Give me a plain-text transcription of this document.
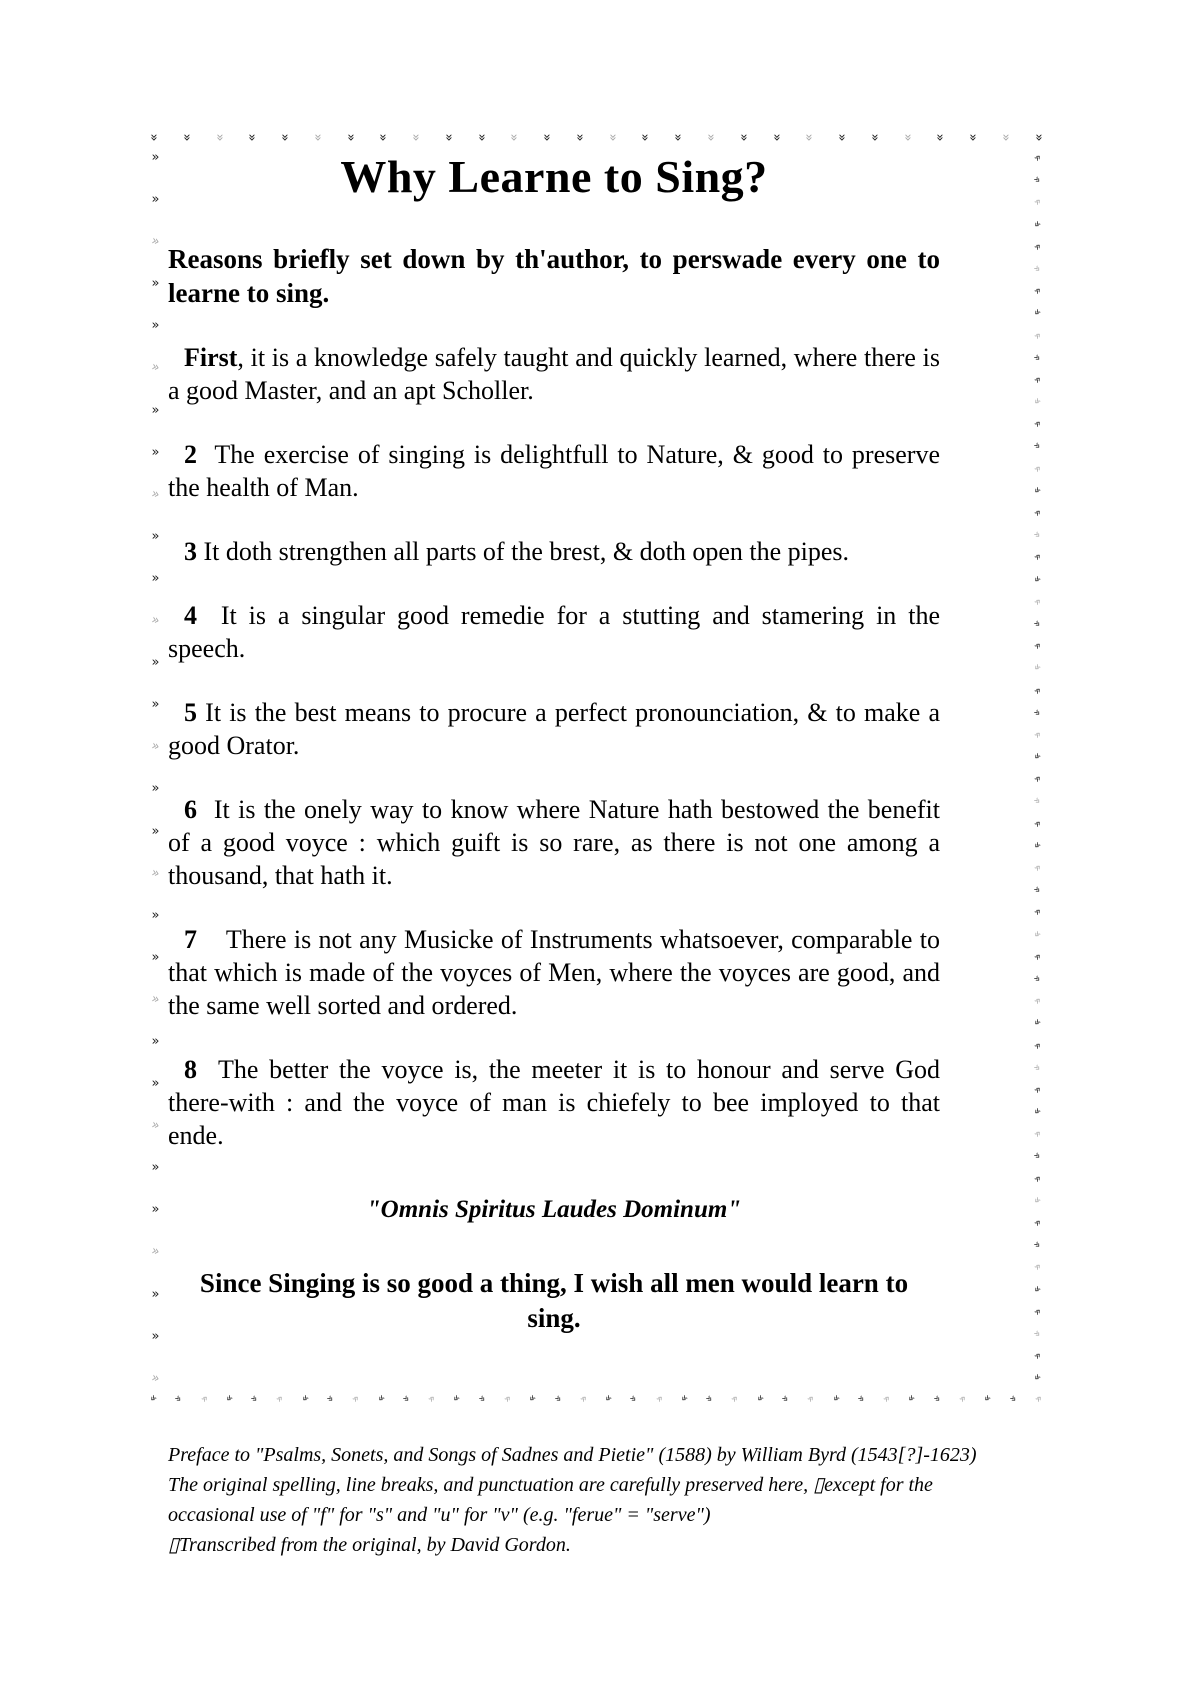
» » » » » » » » » » » » » » » » » » » » » » » » » » » »
»	»	»	»	»	»	»	»	»	»	»	»	»	»	»	»	»	»	»	»	»	»	»	»	»	»	»	»	»	»	»	»	»	»	»	»
»
»
»
»
»
»
»
»
»
»
»
»
»
»
»
»
»
»
»
»
»
»
»
»
»
»
»
»
»
»
»
»
»
»
»
»
»
»
»
»
»
»
»
»
»
»
»
»
»
»
»
»
»
»
»
»
»
»
»
»
»
»
»
»
»
»
»
»
»
»
»
»
»
»
»
»
»
»
»
»
»
»
»
»
»
»
Why Learne to Sing?
Reasons briefly set down by th'author, to perswade every one to
learne to sing.

First, it is a knowledge safely taught and quickly learned, where there is a good Master, and an apt Scholler.

2  The exercise of singing is delightfull to Nature, & good to preserve the health of Man.

3 It doth strengthen all parts of the brest, & doth open the pipes.

4  It is a singular good remedie for a stutting and stamering in the speech.

5 It is the best means to procure a perfect pronounciation, & to make a good Orator.

6  It is the onely way to know where Nature hath bestowed the benefit of a good voyce : which guift is so rare, as there is not one among a thousand, that hath it.

7    There is not any Musicke of Instruments whatsoever, comparable to that which is made of the voyces of Men, where the voyces are good, and the same well sorted and ordered.

8  The better the voyce is, the meeter it is to honour and serve God there-with : and the voyce of man is chiefely to bee imployed to that ende.

"Omnis Spiritus Laudes Dominum"
Since Singing is so good a thing, I wish all men would learn to
sing.
Preface to "Psalms, Sonets, and Songs of Sadnes and Pietie" (1588) by William Byrd (1543[?]-1623)
The original spelling, line breaks, and punctuation are carefully preserved here, ▯except for the
occasional use of "f" for "s" and "u" for "v" (e.g. "ferue" = "serve")
▯Transcribed from the original, by David Gordon.
